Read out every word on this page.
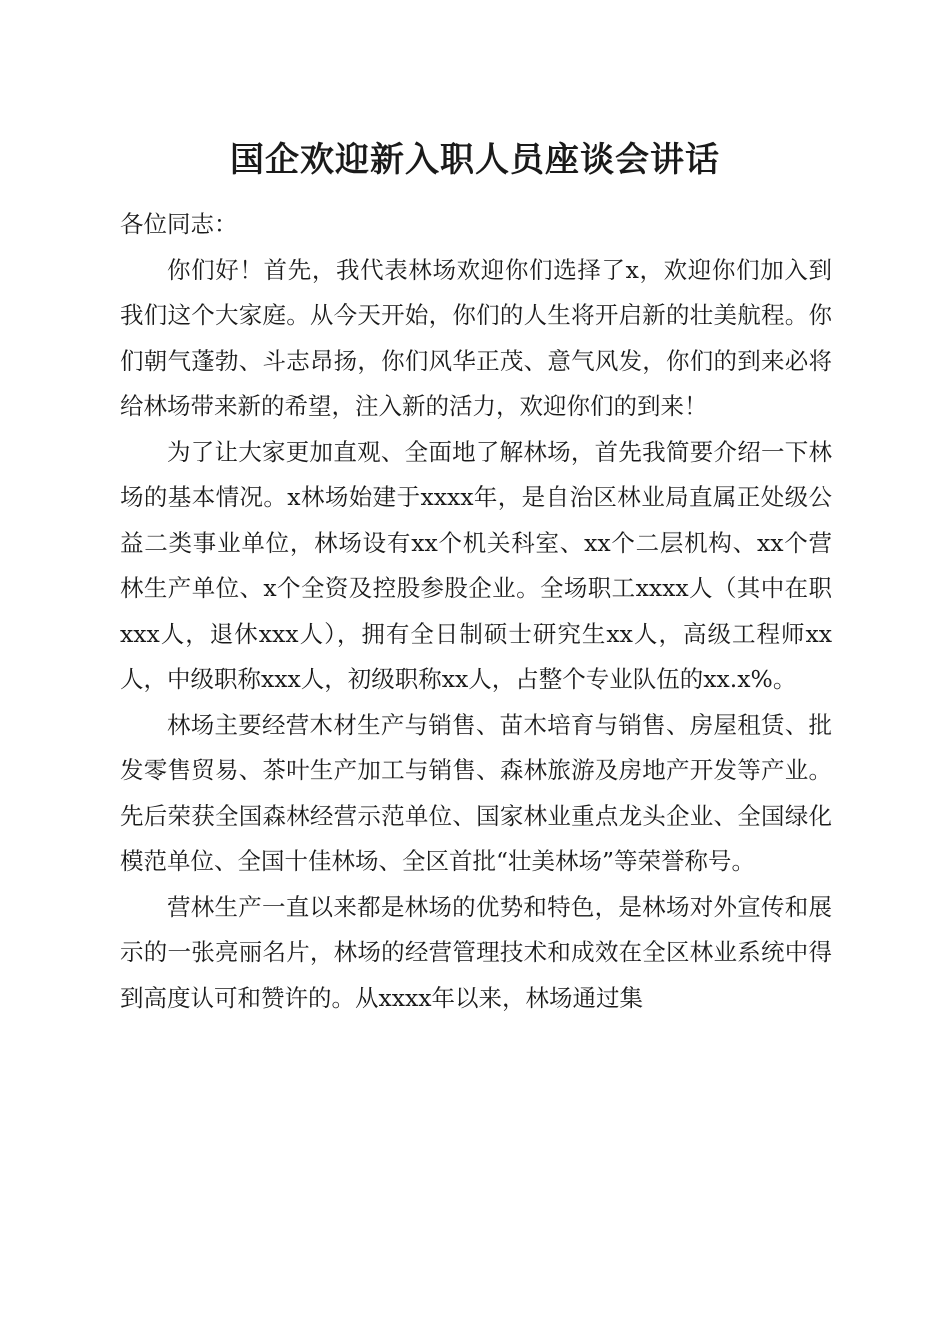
国企欢迎新入职人员座谈会讲话

各位同志：

你们好！首先，我代表林场欢迎你们选择了x，欢迎你们加入到我们这个大家庭。从今天开始，你们的人生将开启新的壮美航程。你们朝气蓬勃、斗志昂扬，你们风华正茂、意气风发，你们的到来必将给林场带来新的希望，注入新的活力，欢迎你们的到来！

为了让大家更加直观、全面地了解林场，首先我简要介绍一下林场的基本情况。x林场始建于xxxx年，是自治区林业局直属正处级公益二类事业单位，林场设有xx个机关科室、xx个二层机构、xx个营林生产单位、x个全资及控股参股企业。全场职工xxxx人（其中在职xxx人，退休xxx人），拥有全日制硕士研究生xx人，高级工程师xx人，中级职称xxx人，初级职称xx人，占整个专业队伍的xx.x%。

林场主要经营木材生产与销售、苗木培育与销售、房屋租赁、批发零售贸易、茶叶生产加工与销售、森林旅游及房地产开发等产业。先后荣获全国森林经营示范单位、国家林业重点龙头企业、全国绿化模范单位、全国十佳林场、全区首批“壮美林场”等荣誉称号。

营林生产一直以来都是林场的优势和特色，是林场对外宣传和展示的一张亮丽名片，林场的经营管理技术和成效在全区林业系统中得到高度认可和赞许的。从xxxx年以来，林场通过集
